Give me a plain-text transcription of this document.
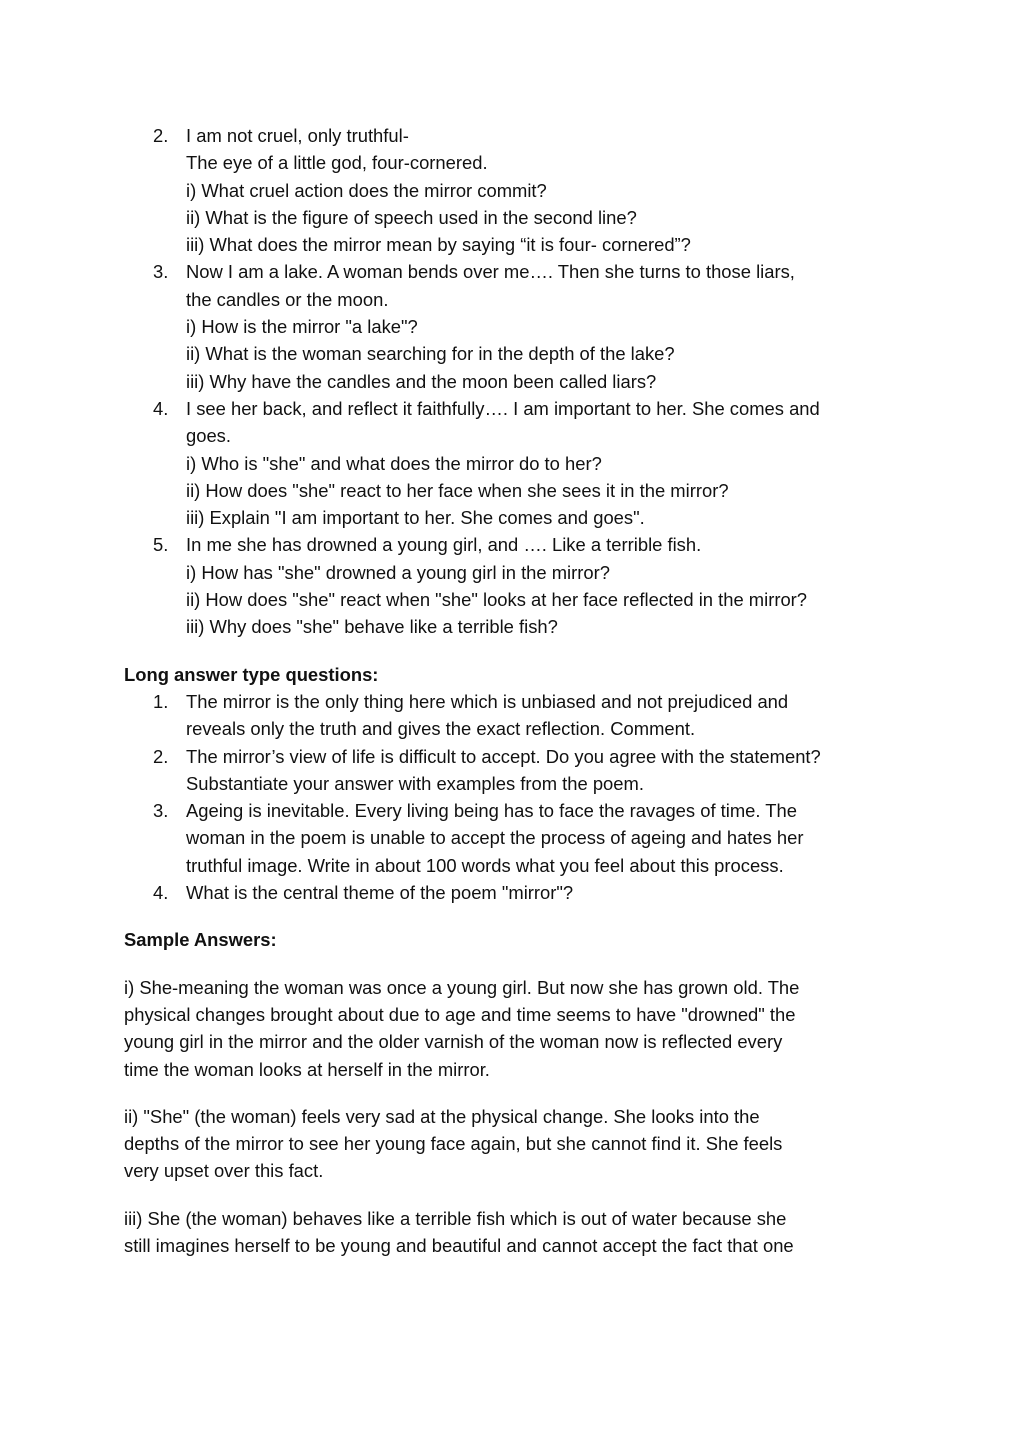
2. I am not cruel, only truthful-
The eye of a little god, four-cornered.
i) What cruel action does the mirror commit?
ii) What is the figure of speech used in the second line?
iii) What does the mirror mean by saying “it is four- cornered”?
3. Now I am a lake. A woman bends over me…. Then she turns to those liars,
the candles or the moon.
i) How is the mirror "a lake"?
ii) What is the woman searching for in the depth of the lake?
iii) Why have the candles and the moon been called liars?
4. I see her back, and reflect it faithfully…. I am important to her. She comes and
goes.
i) Who is "she" and what does the mirror do to her?
ii) How does "she" react to her face when she sees it in the mirror?
iii) Explain "I am important to her. She comes and goes".
5. In me she has drowned a young girl, and …. Like a terrible fish.
i) How has "she" drowned a young girl in the mirror?
ii) How does "she" react when "she" looks at her face reflected in the mirror?
iii) Why does "she" behave like a terrible fish?

Long answer type questions:

1. The mirror is the only thing here which is unbiased and not prejudiced and
reveals only the truth and gives the exact reflection. Comment.
2. The mirror’s view of life is difficult to accept. Do you agree with the statement?
Substantiate your answer with examples from the poem.
3. Ageing is inevitable. Every living being has to face the ravages of time. The
woman in the poem is unable to accept the process of ageing and hates her
truthful image. Write in about 100 words what you feel about this process.
4. What is the central theme of the poem "mirror"?

Sample Answers:

i) She-meaning the woman was once a young girl. But now she has grown old. The
physical changes brought about due to age and time seems to have "drowned" the
young girl in the mirror and the older varnish of the woman now is reflected every
time the woman looks at herself in the mirror.

ii) "She" (the woman) feels very sad at the physical change. She looks into the
depths of the mirror to see her young face again, but she cannot find it. She feels
very upset over this fact.

iii) She (the woman) behaves like a terrible fish which is out of water because she
still imagines herself to be young and beautiful and cannot accept the fact that one
